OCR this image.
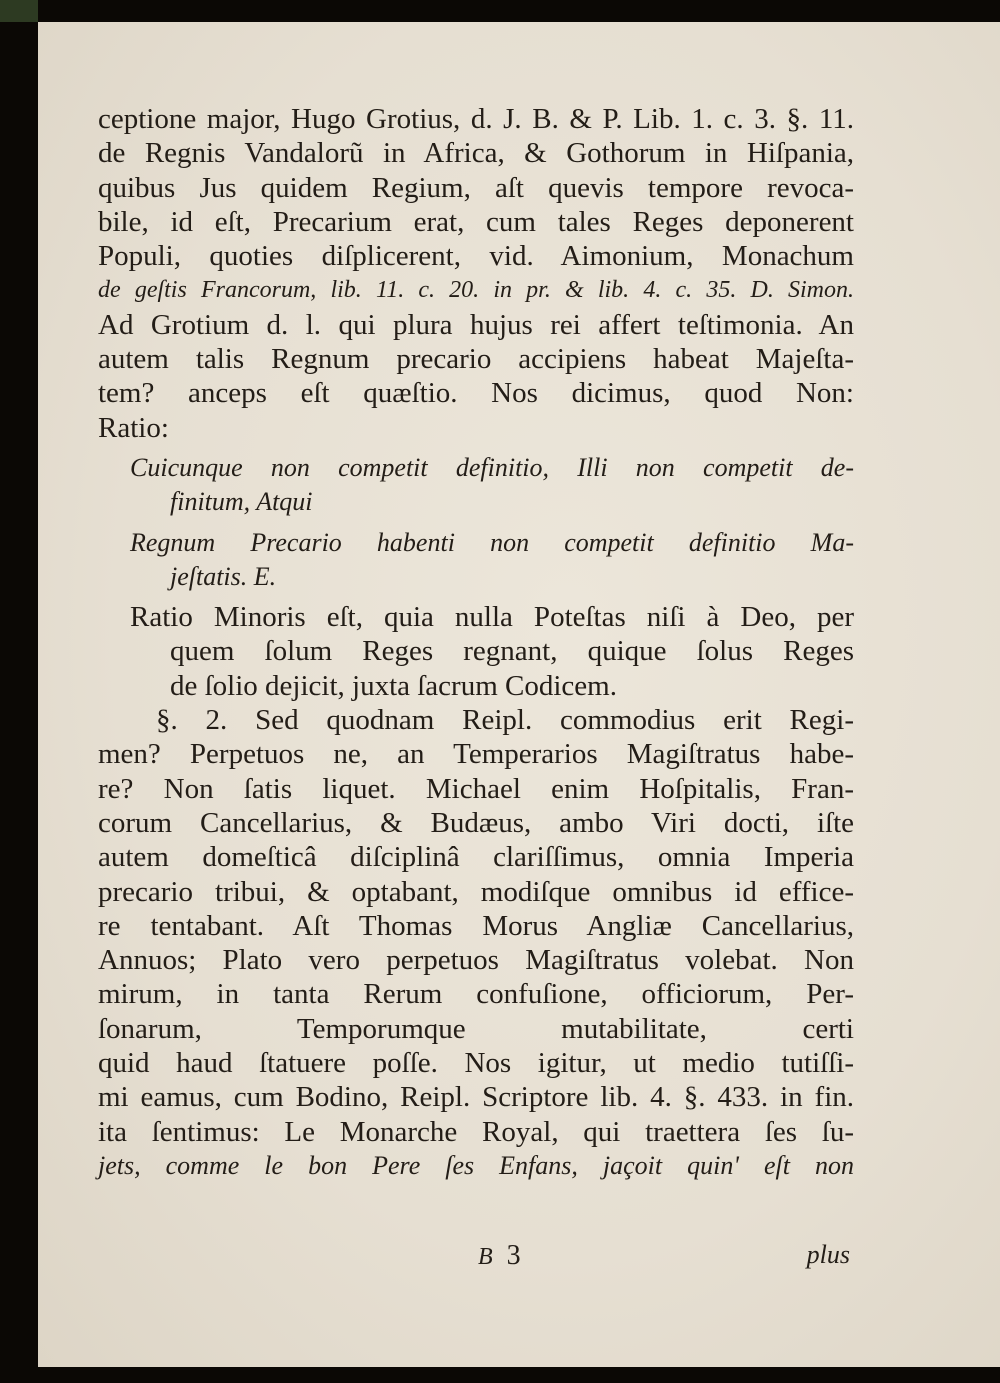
ceptione major, Hugo Grotius, d. J. B. & P. Lib. 1. c. 3. §. 11.
de Regnis Vandalorũ in Africa, & Gothorum in Hiſpania,
quibus Jus quidem Regium, aſt quevis tempore revoca-
bile, id eſt, Precarium erat, cum tales Reges deponerent
Populi, quoties diſplicerent, vid. Aimonium, Monachum
de geſtis Francorum, lib. 11. c. 20. in pr. & lib. 4. c. 35. D. Simon.
Ad Grotium d. l. qui plura hujus rei affert teſtimonia. An
autem talis Regnum precario accipiens habeat Majeſta-
tem? anceps eſt quæſtio. Nos dicimus, quod Non:
Ratio:
Cuicunque non competit definitio, Illi non competit de-
finitum, Atqui
Regnum Precario habenti non competit definitio Ma-
jeſtatis. E.
Ratio Minoris eſt, quia nulla Poteſtas niſi à Deo, per
quem ſolum Reges regnant, quique ſolus Reges
de ſolio dejicit, juxta ſacrum Codicem.
§. 2. Sed quodnam Reipl. commodius erit Regi-
men? Perpetuos ne, an Temperarios Magiſtratus habe-
re? Non ſatis liquet. Michael enim Hoſpitalis, Fran-
corum Cancellarius, & Budæus, ambo Viri docti, iſte
autem domeſticâ diſciplinâ clariſſimus, omnia Imperia
precario tribui, & optabant, modiſque omnibus id effice-
re tentabant. Aſt Thomas Morus Angliæ Cancellarius,
Annuos; Plato vero perpetuos Magiſtratus volebat. Non
mirum, in tanta Rerum confuſione, officiorum, Per-
ſonarum, Temporumque mutabilitate, certi
quid haud ſtatuere poſſe. Nos igitur, ut medio tutiſſi-
mi eamus, cum Bodino, Reipl. Scriptore lib. 4. §. 433. in fin.
ita ſentimus: Le Monarche Royal, qui traettera ſes ſu-
jets, comme le bon Pere ſes Enfans, jaçoit quin' eſt non
B 3	plus
